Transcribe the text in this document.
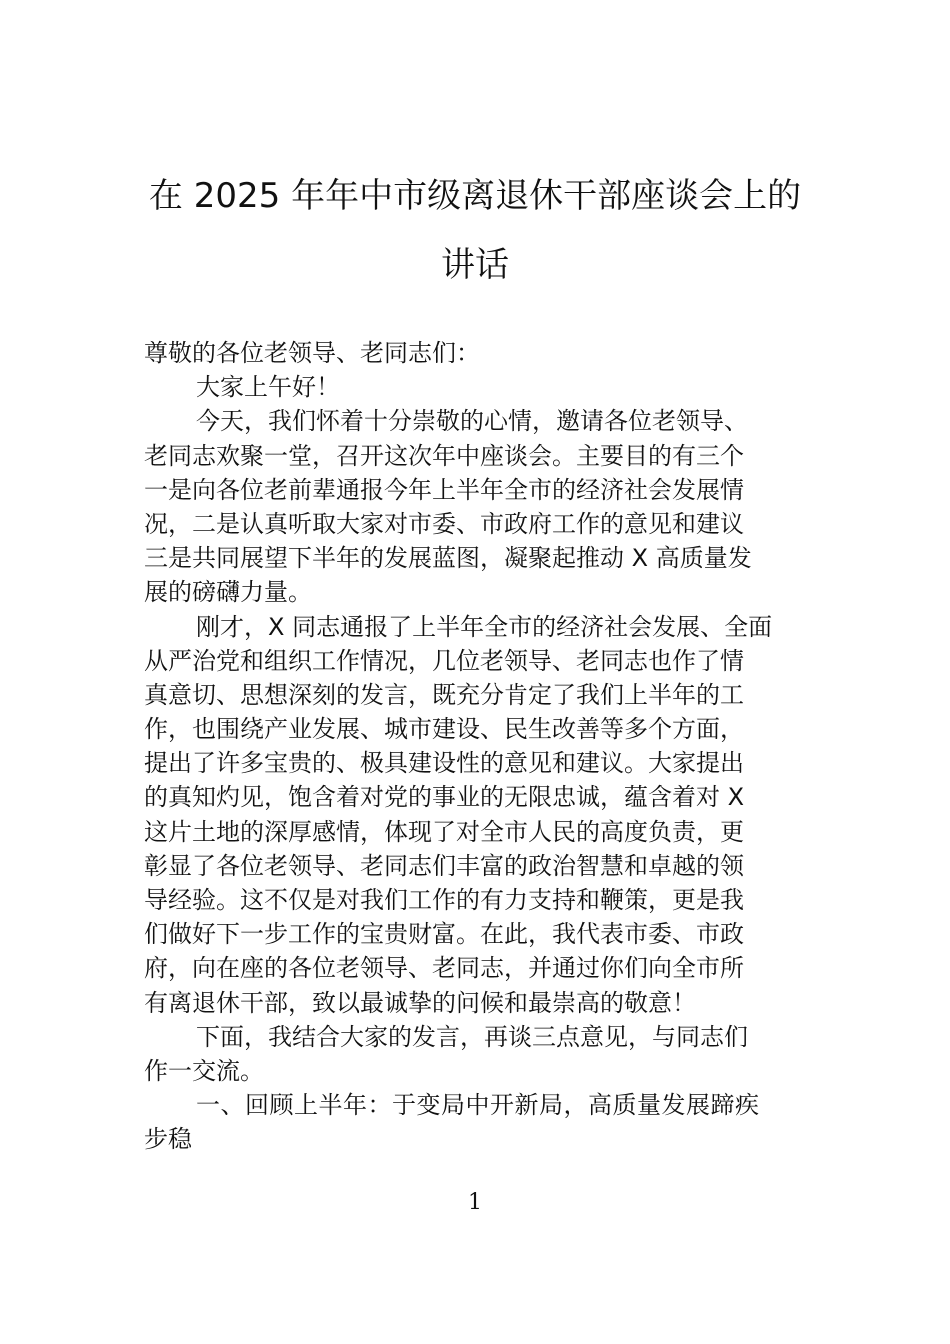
在 2025 年年中市级离退休干部座谈会上的
讲话
尊敬的各位老领导、老同志们：
大家上午好！
今天，我们怀着十分崇敬的心情，邀请各位老领导、
老同志欢聚一堂，召开这次年中座谈会。主要目的有三个
一是向各位老前辈通报今年上半年全市的经济社会发展情
况，二是认真听取大家对市委、市政府工作的意见和建议
三是共同展望下半年的发展蓝图，凝聚起推动 X 高质量发
展的磅礴力量。
刚才，X 同志通报了上半年全市的经济社会发展、全面
从严治党和组织工作情况，几位老领导、老同志也作了情
真意切、思想深刻的发言，既充分肯定了我们上半年的工
作，也围绕产业发展、城市建设、民生改善等多个方面，
提出了许多宝贵的、极具建设性的意见和建议。大家提出
的真知灼见，饱含着对党的事业的无限忠诚，蕴含着对 X
这片土地的深厚感情，体现了对全市人民的高度负责，更
彰显了各位老领导、老同志们丰富的政治智慧和卓越的领
导经验。这不仅是对我们工作的有力支持和鞭策，更是我
们做好下一步工作的宝贵财富。在此，我代表市委、市政
府，向在座的各位老领导、老同志，并通过你们向全市所
有离退休干部，致以最诚挚的问候和最崇高的敬意！
下面，我结合大家的发言，再谈三点意见，与同志们
作一交流。
一、回顾上半年：于变局中开新局，高质量发展蹄疾
步稳
1
